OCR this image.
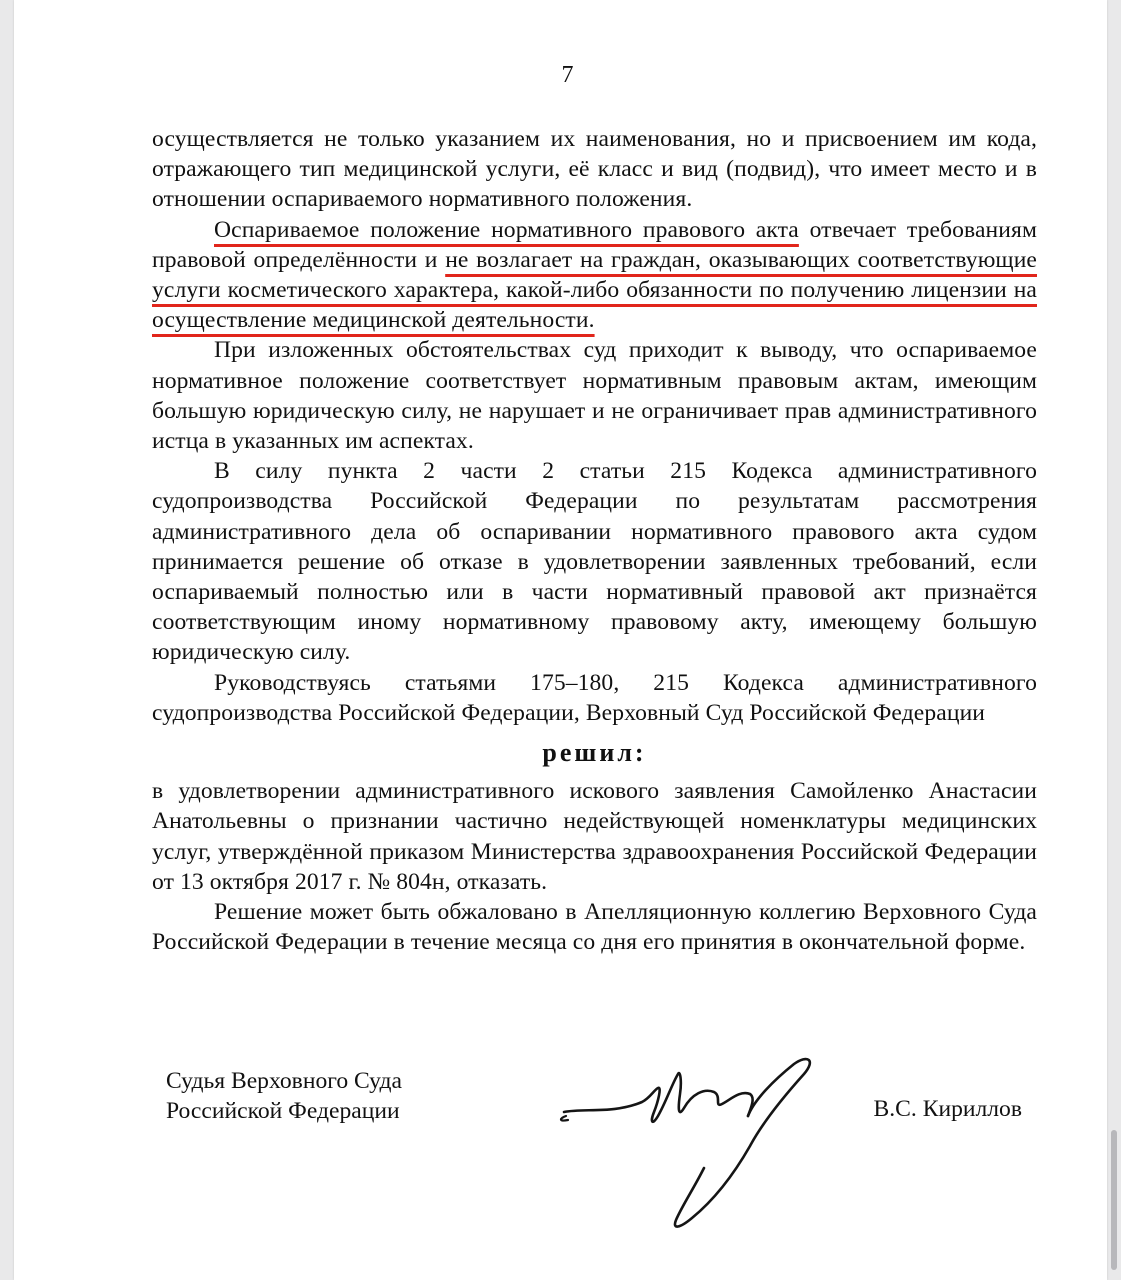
7

осуществляется не только указанием их наименования, но и присвоением им кода, отражающего тип медицинской услуги, её класс и вид (подвид), что имеет место и в отношении оспариваемого нормативного положения.

Оспариваемое положение нормативного правового акта отвечает требованиям правовой определённости и не возлагает на граждан, оказывающих соответствующие услуги косметического характера, какой-либо обязанности по получению лицензии на осуществление медицинской деятельности.

При изложенных обстоятельствах суд приходит к выводу, что оспариваемое нормативное положение соответствует нормативным правовым актам, имеющим большую юридическую силу, не нарушает и не ограничивает прав административного истца в указанных им аспектах.

В силу пункта 2 части 2 статьи 215 Кодекса административного судопроизводства Российской Федерации по результатам рассмотрения административного дела об оспаривании нормативного правового акта судом принимается решение об отказе в удовлетворении заявленных требований, если оспариваемый полностью или в части нормативный правовой акт признаётся соответствующим иному нормативному правовому акту, имеющему большую юридическую силу.

Руководствуясь статьями 175–180, 215 Кодекса административного судопроизводства Российской Федерации, Верховный Суд Российской Федерации

решил:

в удовлетворении административного искового заявления Самойленко Анастасии Анатольевны о признании частично недействующей номенклатуры медицинских услуг, утверждённой приказом Министерства здравоохранения Российской Федерации от 13 октября 2017 г. № 804н, отказать.

Решение может быть обжаловано в Апелляционную коллегию Верховного Суда Российской Федерации в течение месяца со дня его принятия в окончательной форме.

Судья Верховного Суда
Российской Федерации	В.С. Кириллов
